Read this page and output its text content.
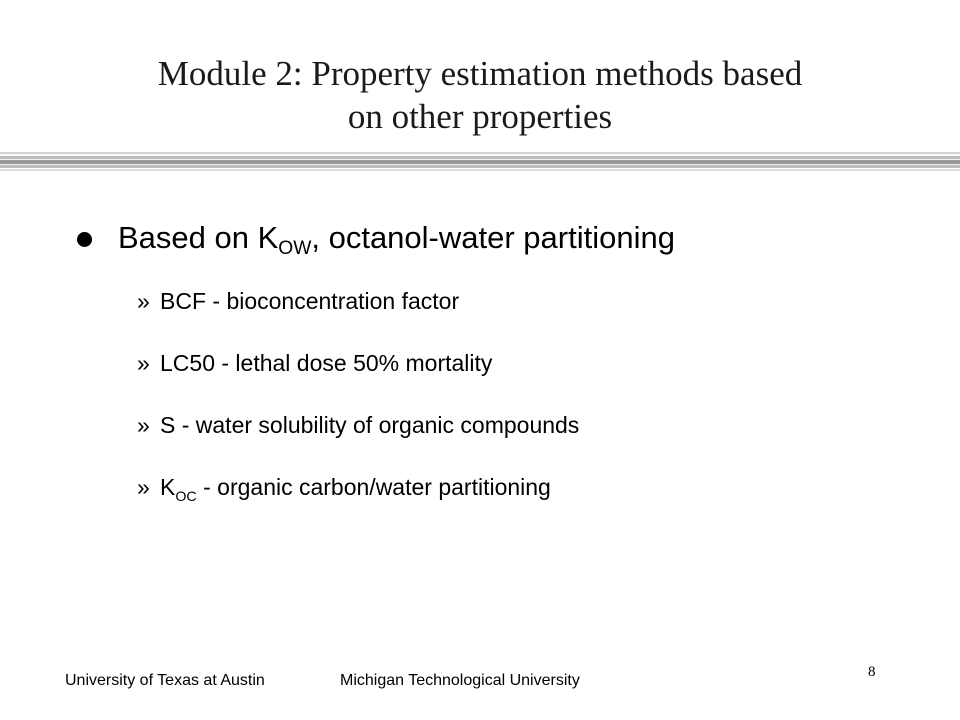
Module 2: Property estimation methods based
on other properties
Based on $K_{OW}$, octanol-water partitioning
» BCF - bioconcentration factor
» LC50 - lethal dose 50% mortality
» S - water solubility of organic compounds
» $K_{OC}$ - organic carbon/water partitioning
University of Texas at Austin	Michigan Technological University	8
